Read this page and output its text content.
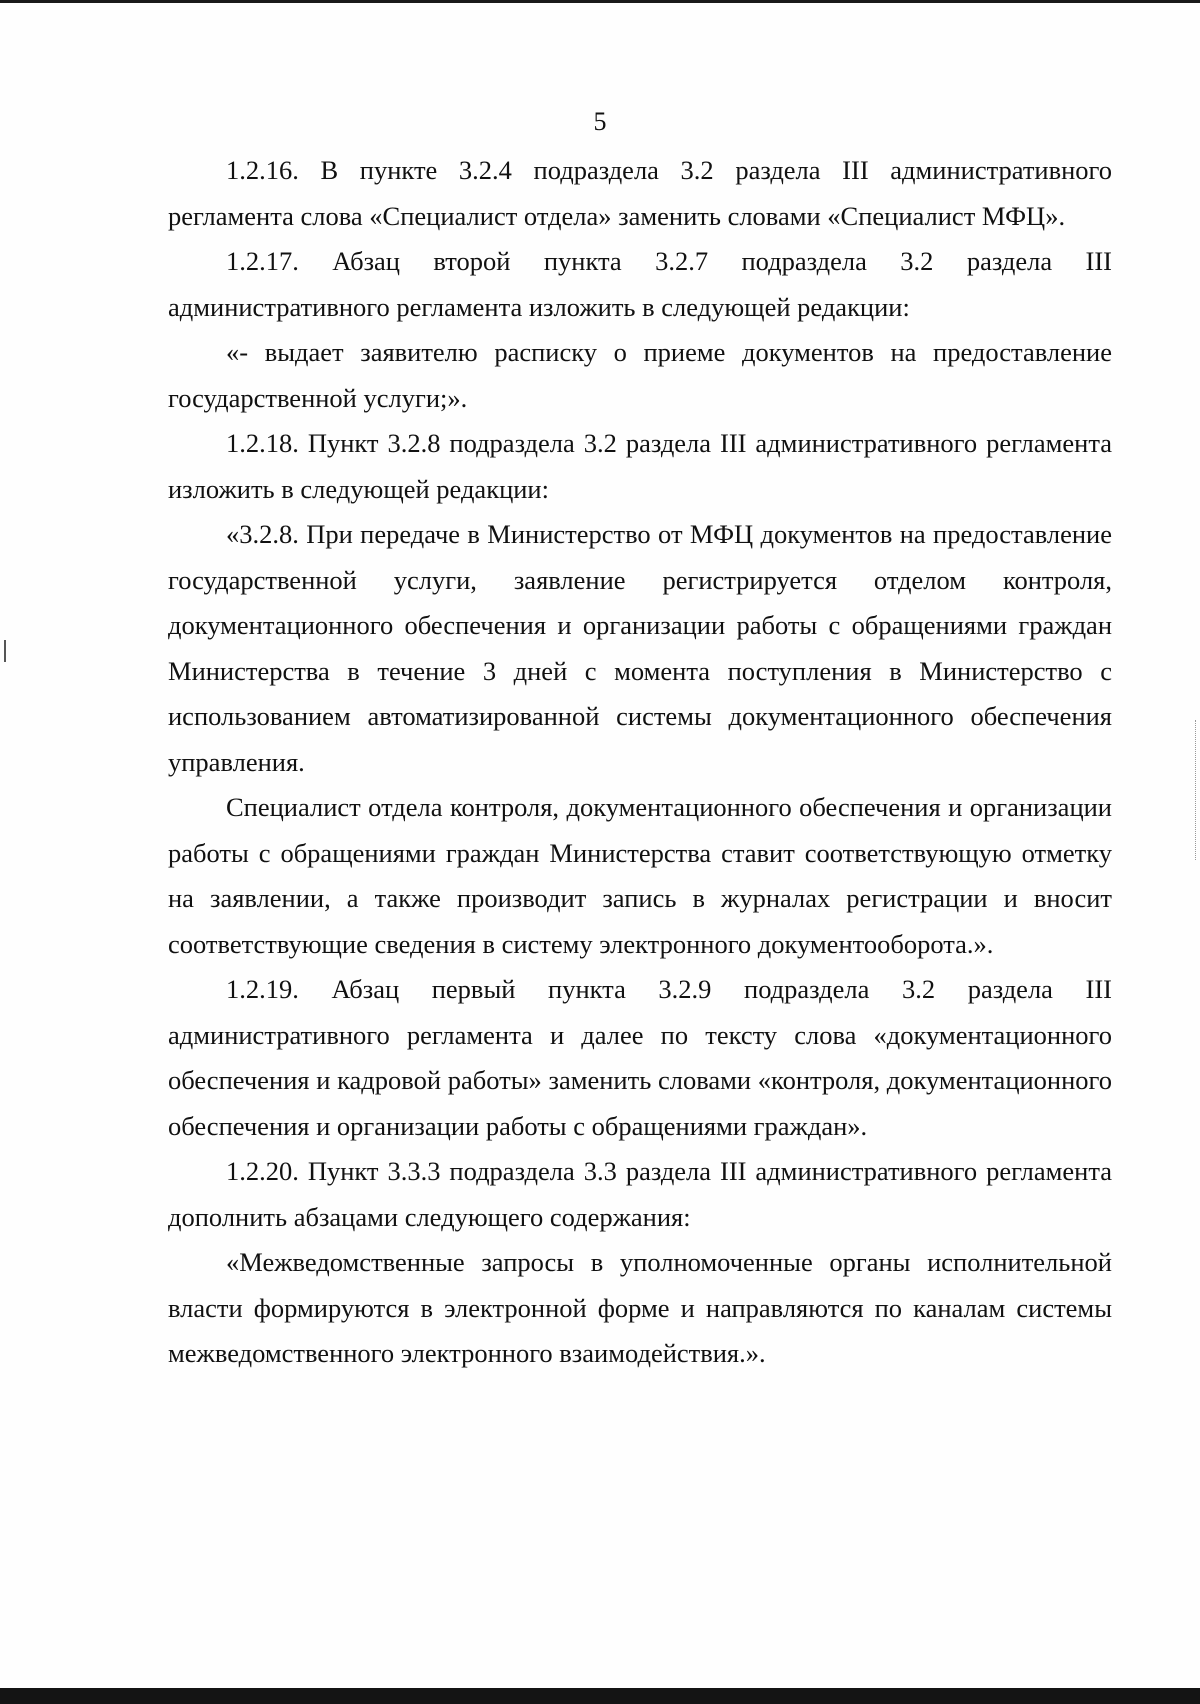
5

1.2.16. В пункте 3.2.4 подраздела 3.2 раздела III административного регламента слова «Специалист отдела» заменить словами «Специалист МФЦ».

1.2.17. Абзац второй пункта 3.2.7 подраздела 3.2 раздела III административного регламента изложить в следующей редакции:

«- выдает заявителю расписку о приеме документов на предоставление государственной услуги;».

1.2.18. Пункт 3.2.8 подраздела 3.2 раздела III административного регламента изложить в следующей редакции:

«3.2.8. При передаче в Министерство от МФЦ документов на предоставление государственной услуги, заявление регистрируется отделом контроля, документационного обеспечения и организации работы с обращениями граждан Министерства в течение 3 дней с момента поступления в Министерство с использованием автоматизированной системы документационного обеспечения управления.

Специалист отдела контроля, документационного обеспечения и организации работы с обращениями граждан Министерства ставит соответствующую отметку на заявлении, а также производит запись в журналах регистрации и вносит соответствующие сведения в систему электронного документооборота.».

1.2.19. Абзац первый пункта 3.2.9 подраздела 3.2 раздела III административного регламента и далее по тексту слова «документационного обеспечения и кадровой работы» заменить словами «контроля, документационного обеспечения и организации работы с обращениями граждан».

1.2.20. Пункт 3.3.3 подраздела 3.3 раздела III административного регламента дополнить абзацами следующего содержания:

«Межведомственные запросы в уполномоченные органы исполнительной власти формируются в электронной форме и направляются по каналам системы межведомственного электронного взаимодействия.».
